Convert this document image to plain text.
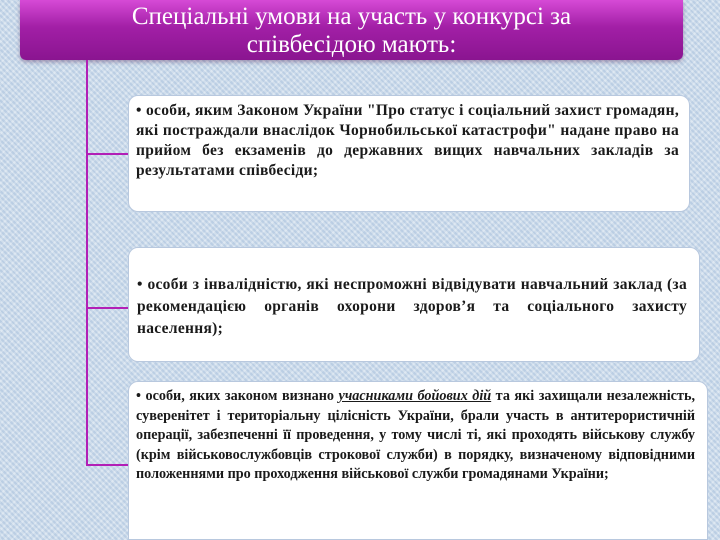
Спеціальні умови на участь у конкурсі за
співбесідою мають:

• особи, яким Законом України "Про статус і соціальний захист громадян, які постраждали внаслідок Чорнобильської катастрофи" надане право на прийом без екзаменів до державних вищих навчальних закладів за результатами співбесіди;

• особи з інвалідністю, які неспроможні відвідувати навчальний заклад (за рекомендацією органів охорони здоров’я та соціального захисту населення);

• особи, яких законом визнано учасниками бойових дій та які захищали незалежність, суверенітет і територіальну цілісність України, брали участь в антитерористичній операції, забезпеченні її проведення, у тому числі ті, які проходять військову службу (крім військовослужбовців строкової служби) в порядку, визначеному відповідними положеннями про проходження військової служби громадянами України;
